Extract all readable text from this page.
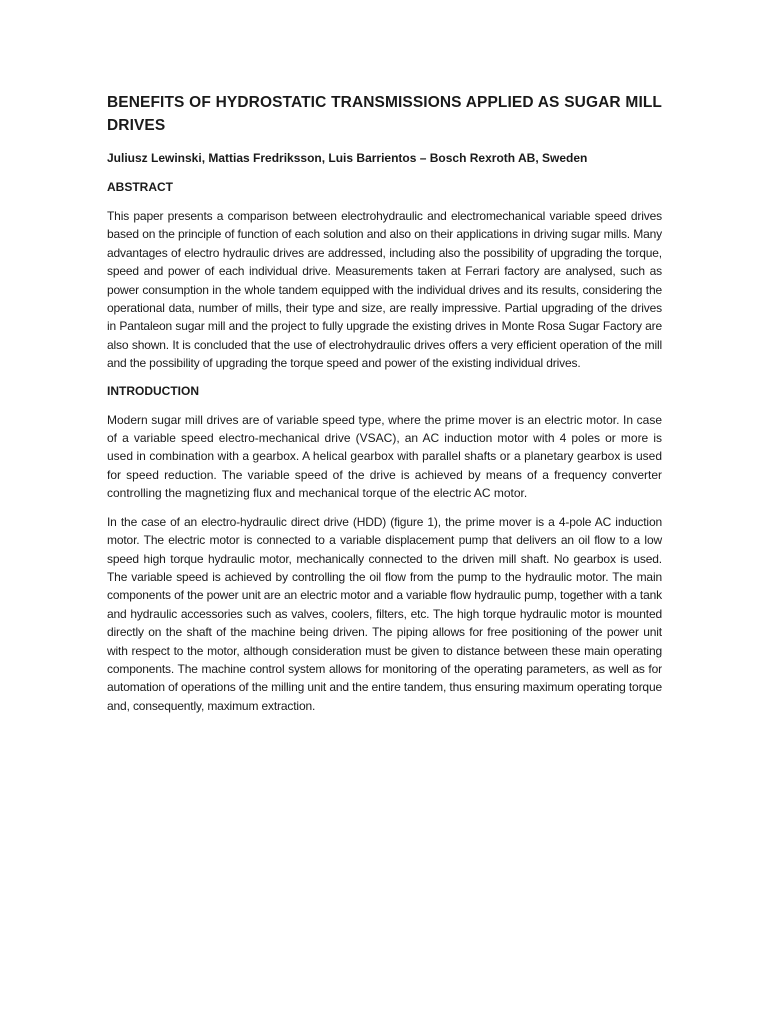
BENEFITS OF HYDROSTATIC TRANSMISSIONS APPLIED AS SUGAR MILL DRIVES
Juliusz Lewinski, Mattias Fredriksson, Luis Barrientos – Bosch Rexroth AB, Sweden
ABSTRACT

This paper presents a comparison between electrohydraulic and electromechanical variable speed drives based on the principle of function of each solution and also on their applications in driving sugar mills. Many advantages of electro hydraulic drives are addressed, including also the possibility of upgrading the torque, speed and power of each individual drive. Measurements taken at Ferrari factory are analysed, such as power consumption in the whole tandem equipped with the individual drives and its results, considering the operational data, number of mills, their type and size, are really impressive. Partial upgrading of the drives in Pantaleon sugar mill and the project to fully upgrade the existing drives in Monte Rosa Sugar Factory are also shown. It is concluded that the use of electrohydraulic drives offers a very efficient operation of the mill and the possibility of upgrading the torque speed and power of the existing individual drives.

INTRODUCTION

Modern sugar mill drives are of variable speed type, where the prime mover is an electric motor. In case of a variable speed electro-mechanical drive (VSAC), an AC induction motor with 4 poles or more is used in combination with a gearbox. A helical gearbox with parallel shafts or a planetary gearbox is used for speed reduction. The variable speed of the drive is achieved by means of a frequency converter controlling the magnetizing flux and mechanical torque of the electric AC motor.

In the case of an electro-hydraulic direct drive (HDD) (figure 1), the prime mover is a 4-pole AC induction motor. The electric motor is connected to a variable displacement pump that delivers an oil flow to a low speed high torque hydraulic motor, mechanically connected to the driven mill shaft. No gearbox is used. The variable speed is achieved by controlling the oil flow from the pump to the hydraulic motor. The main components of the power unit are an electric motor and a variable flow hydraulic pump, together with a tank and hydraulic accessories such as valves, coolers, filters, etc. The high torque hydraulic motor is mounted directly on the shaft of the machine being driven. The piping allows for free positioning of the power unit with respect to the motor, although consideration must be given to distance between these main operating components. The machine control system allows for monitoring of the operating parameters, as well as for automation of operations of the milling unit and the entire tandem, thus ensuring maximum operating torque and, consequently, maximum extraction.
